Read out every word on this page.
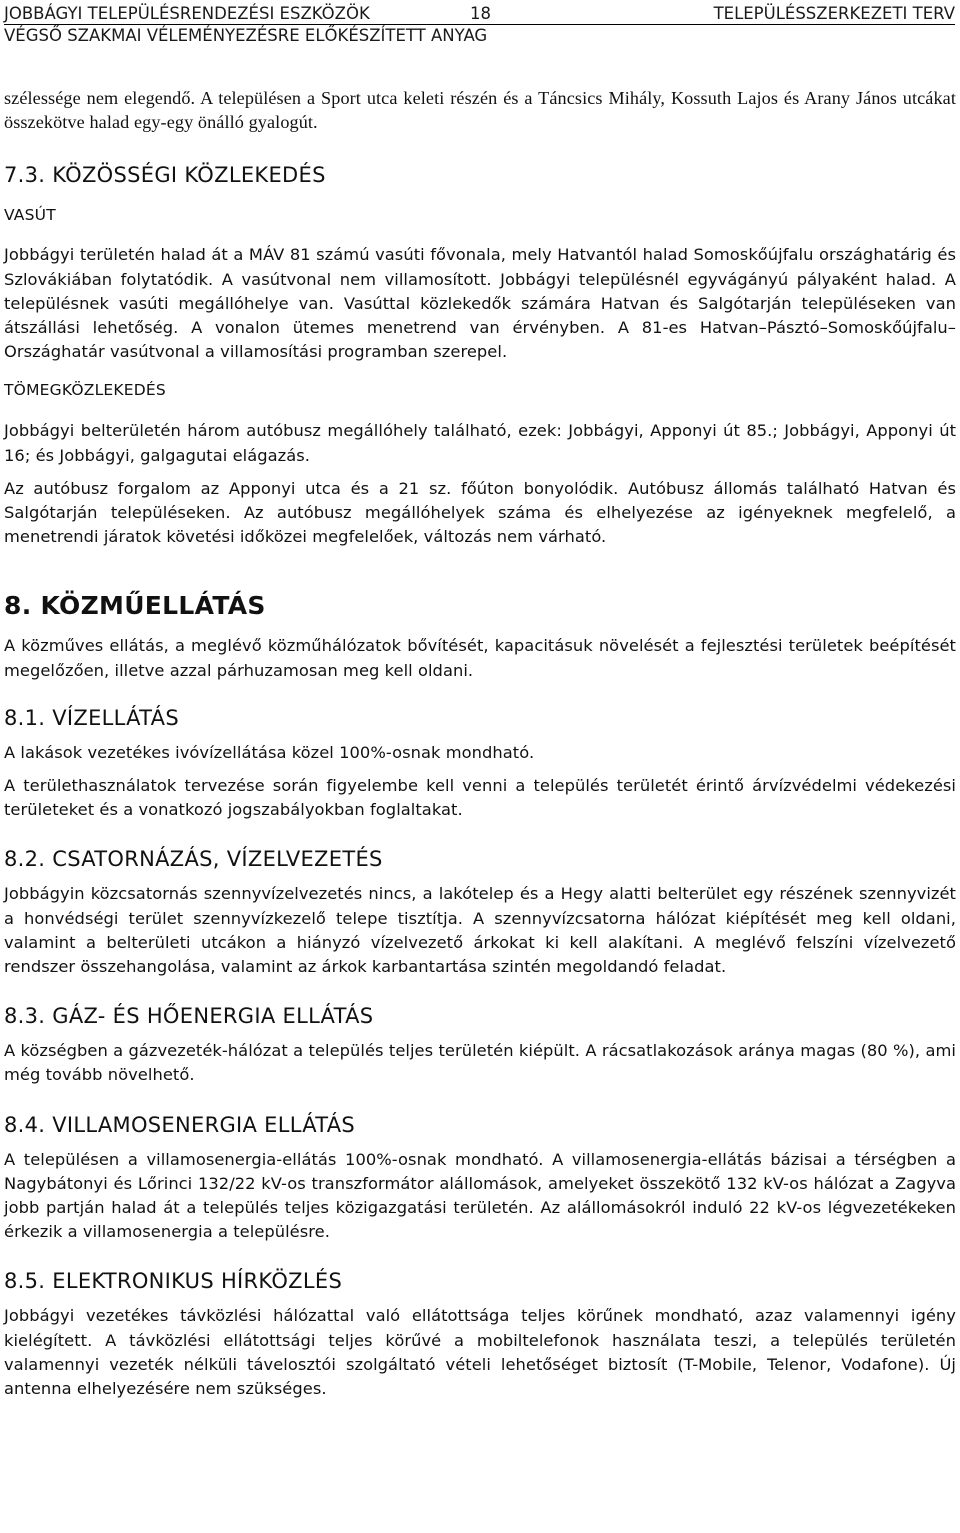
JOBBÁGYI TELEPÜLÉSRENDEZÉSI ESZKÖZÖK	18	TELEPÜLÉSSZERKEZETI TERV
VÉGSŐ SZAKMAI VÉLEMÉNYEZÉSRE ELŐKÉSZÍTETT ANYAG

szélessége nem elegendő. A településen a Sport utca keleti részén és a Táncsics Mihály, Kossuth Lajos és Arany János utcákat összekötve halad egy-egy önálló gyalogút.

7.3. KÖZÖSSÉGI KÖZLEKEDÉS
VASÚT

Jobbágyi területén halad át a MÁV 81 számú vasúti fővonala, mely Hatvantól halad Somoskőújfalu országhatárig és Szlovákiában folytatódik. A vasútvonal nem villamosított. Jobbágyi településnél egyvágányú pályaként halad. A településnek vasúti megállóhelye van. Vasúttal közlekedők számára Hatvan és Salgótarján településeken van átszállási lehetőség. A vonalon ütemes menetrend van érvényben. A 81-es Hatvan–Pásztó–Somoskőújfalu–Országhatár vasútvonal a villamosítási programban szerepel.

TÖMEGKÖZLEKEDÉS

Jobbágyi belterületén három autóbusz megállóhely található, ezek: Jobbágyi, Apponyi út 85.; Jobbágyi, Apponyi út 16; és Jobbágyi, galgagutai elágazás.

Az autóbusz forgalom az Apponyi utca és a 21 sz. főúton bonyolódik. Autóbusz állomás található Hatvan és Salgótarján településeken. Az autóbusz megállóhelyek száma és elhelyezése az igényeknek megfelelő, a menetrendi járatok követési időközei megfelelőek, változás nem várható.

8. KÖZMŰELLÁTÁS

A közműves ellátás, a meglévő közműhálózatok bővítését, kapacitásuk növelését a fejlesztési területek beépítését megelőzően, illetve azzal párhuzamosan meg kell oldani.

8.1. VÍZELLÁTÁS

A lakások vezetékes ivóvízellátása közel 100%-osnak mondható.

A területhasználatok tervezése során figyelembe kell venni a település területét érintő árvízvédelmi védekezési területeket és a vonatkozó jogszabályokban foglaltakat.

8.2. CSATORNÁZÁS, VÍZELVEZETÉS

Jobbágyin közcsatornás szennyvízelvezetés nincs, a lakótelep és a Hegy alatti belterület egy részének szennyvizét a honvédségi terület szennyvízkezelő telepe tisztítja. A szennyvízcsatorna hálózat kiépítését meg kell oldani, valamint a belterületi utcákon a hiányzó vízelvezető árkokat ki kell alakítani. A meglévő felszíni vízelvezető rendszer összehangolása, valamint az árkok karbantartása szintén megoldandó feladat.

8.3. GÁZ- ÉS HŐENERGIA ELLÁTÁS

A községben a gázvezeték-hálózat a település teljes területén kiépült. A rácsatlakozások aránya magas (80 %), ami még tovább növelhető.

8.4. VILLAMOSENERGIA ELLÁTÁS

A településen a villamosenergia-ellátás 100%-osnak mondható. A villamosenergia-ellátás bázisai a térségben a Nagybátonyi és Lőrinci 132/22 kV-os transzformátor alállomások, amelyeket összekötő 132 kV-os hálózat a Zagyva jobb partján halad át a település teljes közigazgatási területén. Az alállomásokról induló 22 kV-os légvezetékeken érkezik a villamosenergia a településre.

8.5. ELEKTRONIKUS HÍRKÖZLÉS

Jobbágyi vezetékes távközlési hálózattal való ellátottsága teljes körűnek mondható, azaz valamennyi igény kielégített. A távközlési ellátottsági teljes körűvé a mobiltelefonok használata teszi, a település területén valamennyi vezeték nélküli távelosztói szolgáltató vételi lehetőséget biztosít (T-Mobile, Telenor, Vodafone). Új antenna elhelyezésére nem szükséges.
